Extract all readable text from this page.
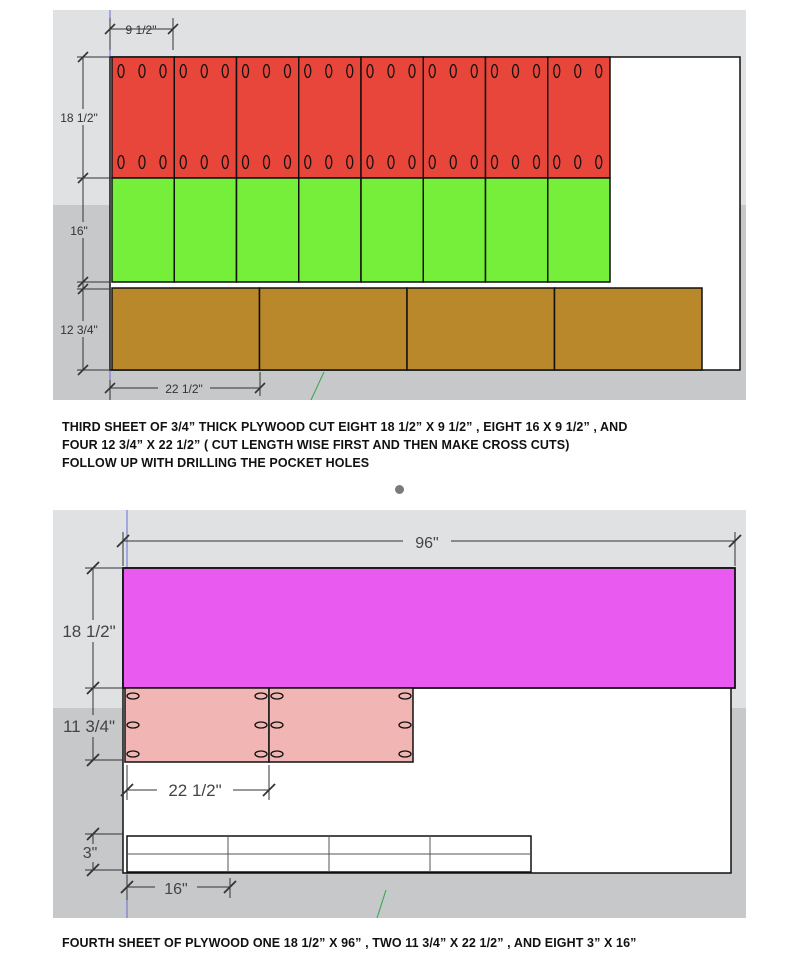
9 1/2"
18 1/2"
16"
12 3/4"
22 1/2"
THIRD SHEET OF 3/4” THICK PLYWOOD CUT EIGHT 18 1/2” X 9 1/2” , EIGHT 16 X 9 1/2” , AND
FOUR 12 3/4” X 22 1/2” ( CUT LENGTH WISE FIRST AND THEN MAKE CROSS CUTS)
FOLLOW UP WITH DRILLING THE POCKET HOLES
96"
18 1/2"
11 3/4"
3"
22 1/2"
16"
FOURTH SHEET OF PLYWOOD ONE 18 1/2” X 96” , TWO 11 3/4” X 22 1/2” , AND EIGHT 3” X 16”
